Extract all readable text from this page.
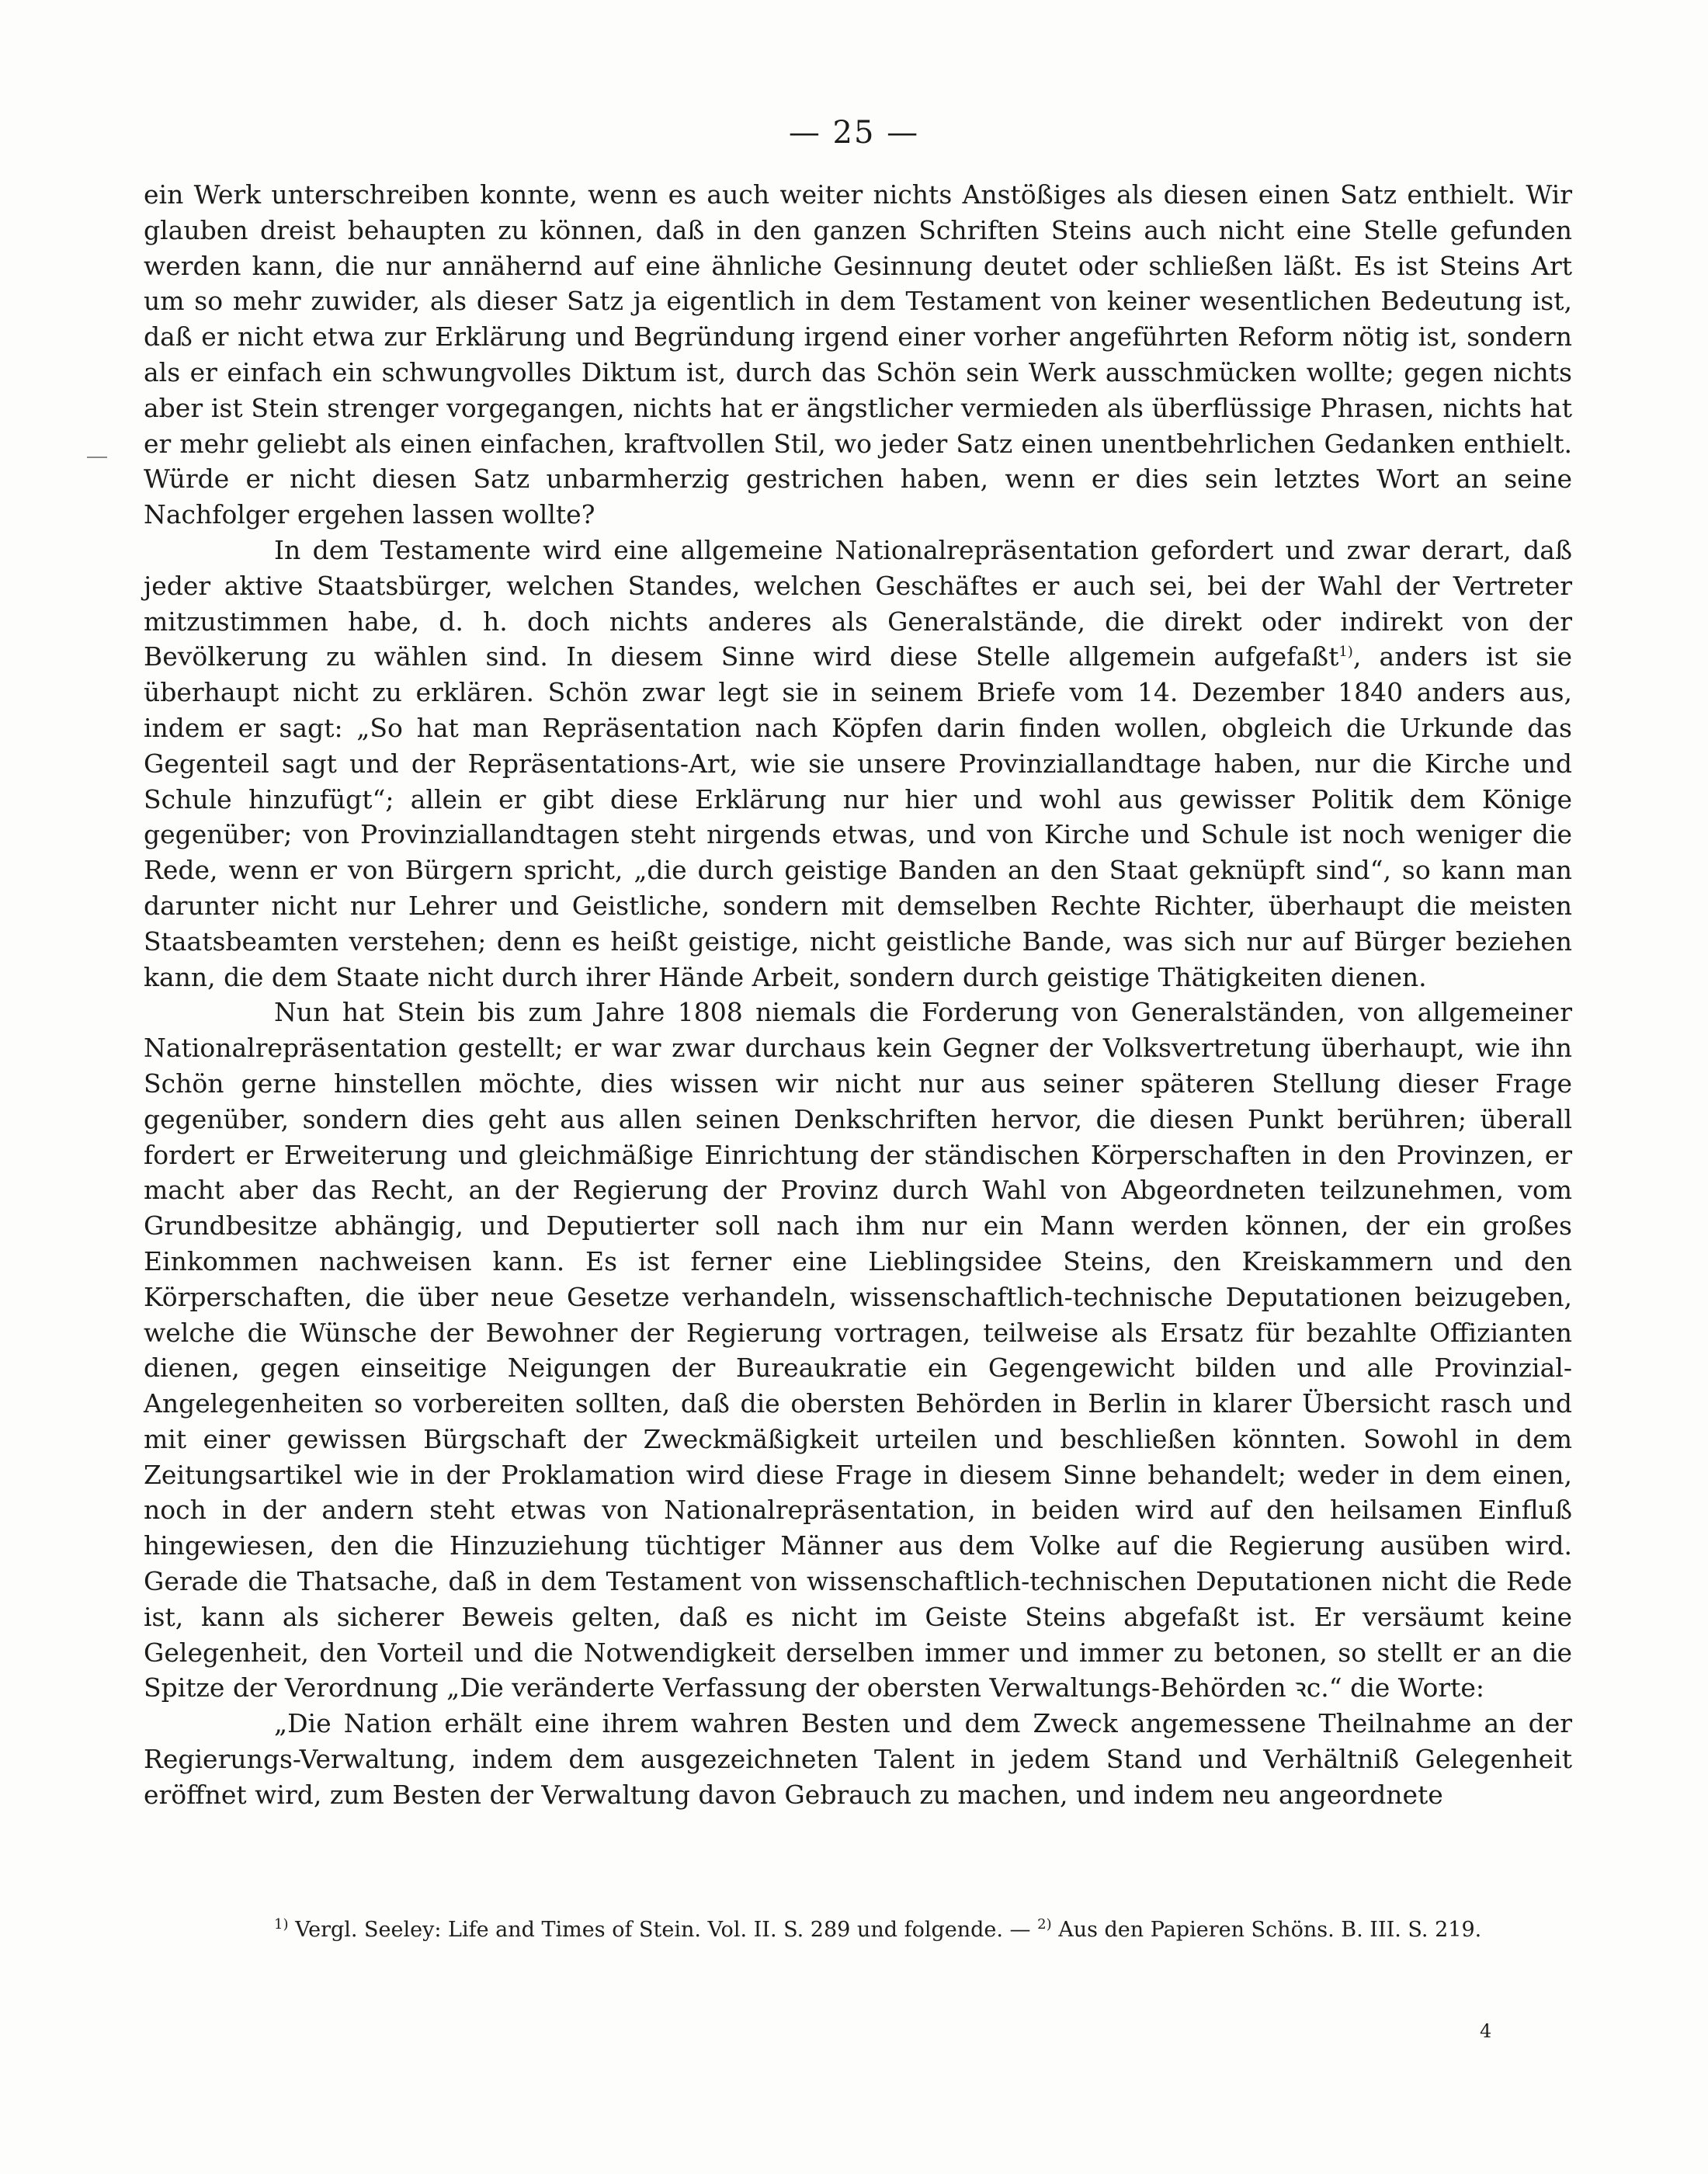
— 25 —

ein Werk unterschreiben konnte, wenn es auch weiter nichts Anstößiges als diesen einen Satz enthielt. Wir glauben dreist behaupten zu können, daß in den ganzen Schriften Steins auch nicht eine Stelle gefunden werden kann, die nur annähernd auf eine ähnliche Gesinnung deutet oder schließen läßt. Es ist Steins Art um so mehr zuwider, als dieser Satz ja eigentlich in dem Testament von keiner wesentlichen Bedeutung ist, daß er nicht etwa zur Erklärung und Begründung irgend einer vorher angeführten Reform nötig ist, sondern als er einfach ein schwungvolles Diktum ist, durch das Schön sein Werk ausschmücken wollte; gegen nichts aber ist Stein strenger vorgegangen, nichts hat er ängstlicher vermieden als überflüssige Phrasen, nichts hat er mehr geliebt als einen einfachen, kraftvollen Stil, wo jeder Satz einen unentbehrlichen Gedanken enthielt. Würde er nicht diesen Satz unbarmherzig gestrichen haben, wenn er dies sein letztes Wort an seine Nachfolger ergehen lassen wollte?

In dem Testamente wird eine allgemeine Nationalrepräsentation gefordert und zwar derart, daß jeder aktive Staatsbürger, welchen Standes, welchen Geschäftes er auch sei, bei der Wahl der Vertreter mitzustimmen habe, d. h. doch nichts anderes als Generalstände, die direkt oder indirekt von der Bevölkerung zu wählen sind. In diesem Sinne wird diese Stelle allgemein aufgefaßt$^{1)}$, anders ist sie überhaupt nicht zu erklären. Schön zwar legt sie in seinem Briefe vom 14. Dezember 1840 anders aus, indem er sagt: „So hat man Repräsentation nach Köpfen darin finden wollen, obgleich die Urkunde das Gegenteil sagt und der Repräsentations-Art, wie sie unsere Provinziallandtage haben, nur die Kirche und Schule hinzufügt“; allein er gibt diese Erklärung nur hier und wohl aus gewisser Politik dem Könige gegenüber; von Provinziallandtagen steht nirgends etwas, und von Kirche und Schule ist noch weniger die Rede, wenn er von Bürgern spricht, „die durch geistige Banden an den Staat geknüpft sind“, so kann man darunter nicht nur Lehrer und Geistliche, sondern mit demselben Rechte Richter, überhaupt die meisten Staatsbeamten verstehen; denn es heißt geistige, nicht geistliche Bande, was sich nur auf Bürger beziehen kann, die dem Staate nicht durch ihrer Hände Arbeit, sondern durch geistige Thätigkeiten dienen.

Nun hat Stein bis zum Jahre 1808 niemals die Forderung von Generalständen, von allgemeiner Nationalrepräsentation gestellt; er war zwar durchaus kein Gegner der Volksvertretung überhaupt, wie ihn Schön gerne hinstellen möchte, dies wissen wir nicht nur aus seiner späteren Stellung dieser Frage gegenüber, sondern dies geht aus allen seinen Denkschriften hervor, die diesen Punkt berühren; überall fordert er Erweiterung und gleichmäßige Einrichtung der ständischen Körperschaften in den Provinzen, er macht aber das Recht, an der Regierung der Provinz durch Wahl von Abgeordneten teilzunehmen, vom Grundbesitze abhängig, und Deputierter soll nach ihm nur ein Mann werden können, der ein großes Einkommen nachweisen kann. Es ist ferner eine Lieblingsidee Steins, den Kreiskammern und den Körperschaften, die über neue Gesetze verhandeln, wissenschaftlich-technische Deputationen beizugeben, welche die Wünsche der Bewohner der Regierung vortragen, teilweise als Ersatz für bezahlte Offizianten dienen, gegen einseitige Neigungen der Bureaukratie ein Gegengewicht bilden und alle Provinzial-Angelegenheiten so vorbereiten sollten, daß die obersten Behörden in Berlin in klarer Übersicht rasch und mit einer gewissen Bürgschaft der Zweckmäßigkeit urteilen und beschließen könnten. Sowohl in dem Zeitungsartikel wie in der Proklamation wird diese Frage in diesem Sinne behandelt; weder in dem einen, noch in der andern steht etwas von Nationalrepräsentation, in beiden wird auf den heilsamen Einfluß hingewiesen, den die Hinzuziehung tüchtiger Männer aus dem Volke auf die Regierung ausüben wird. Gerade die Thatsache, daß in dem Testament von wissenschaftlich-technischen Deputationen nicht die Rede ist, kann als sicherer Beweis gelten, daß es nicht im Geiste Steins abgefaßt ist. Er versäumt keine Gelegenheit, den Vorteil und die Notwendigkeit derselben immer und immer zu betonen, so stellt er an die Spitze der Verordnung „Die veränderte Verfassung der obersten Verwaltungs-Behörden ꝛc.“ die Worte:

„Die Nation erhält eine ihrem wahren Besten und dem Zweck angemessene Theilnahme an der Regierungs-Verwaltung, indem dem ausgezeichneten Talent in jedem Stand und Verhältniß Gelegenheit eröffnet wird, zum Besten der Verwaltung davon Gebrauch zu machen, und indem neu angeordnete

$^{1)}$ Vergl. Seeley: Life and Times of Stein. Vol. II. S. 289 und folgende. — $^{2)}$ Aus den Papieren Schöns. B. III. S. 219.

4
